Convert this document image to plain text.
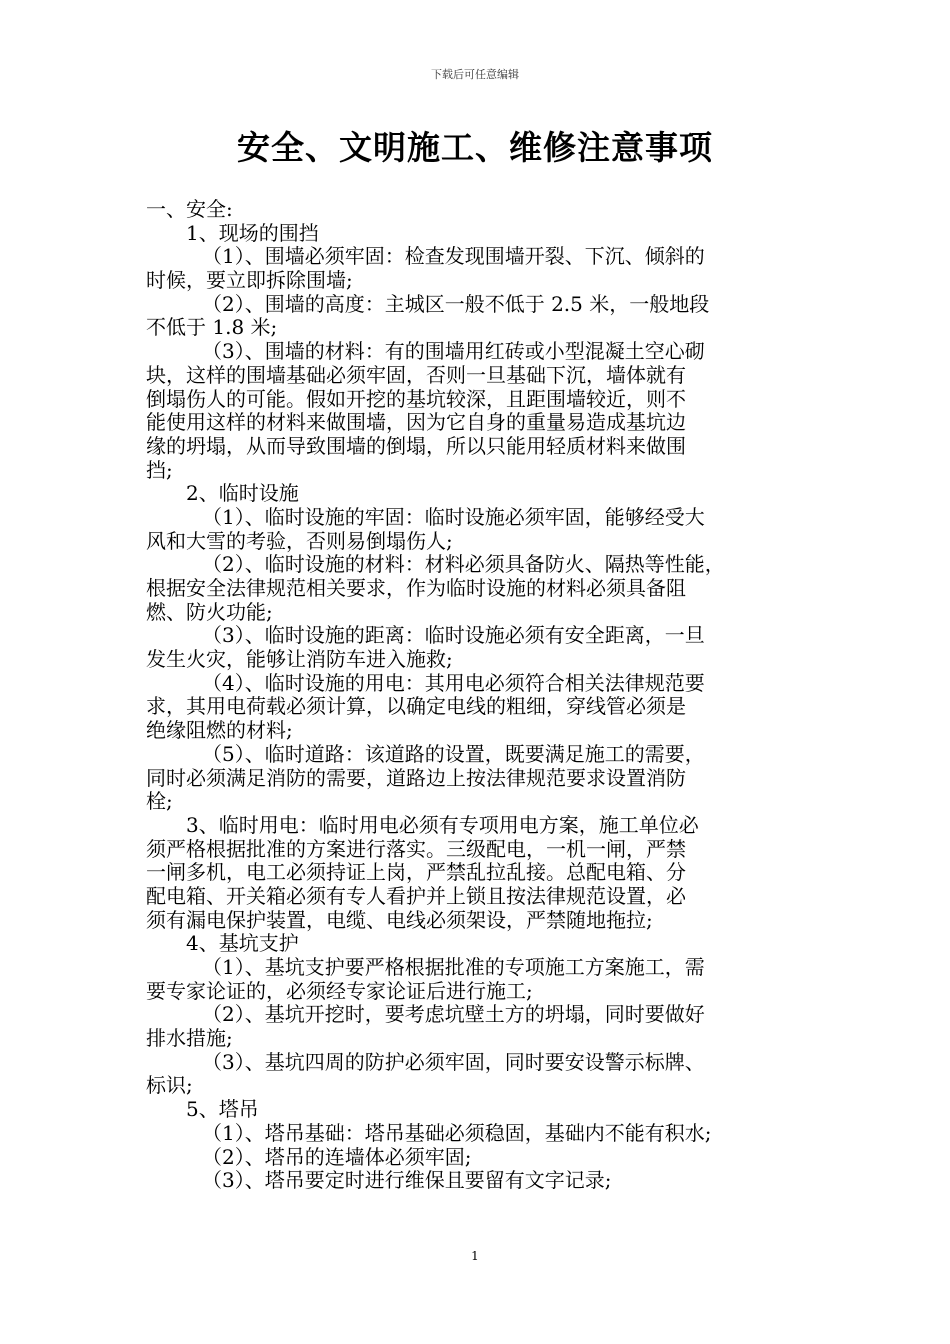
下载后可任意编辑
安全、文明施工、维修注意事项
一、安全:
1、现场的围挡
（1）、围墙必须牢固：检查发现围墙开裂、下沉、倾斜的
时候，要立即拆除围墙;
（2）、围墙的高度：主城区一般不低于 2.5 米，一般地段
不低于 1.8 米;
（3）、围墙的材料：有的围墙用红砖或小型混凝土空心砌
块，这样的围墙基础必须牢固，否则一旦基础下沉，墙体就有
倒塌伤人的可能。假如开挖的基坑较深，且距围墙较近，则不
能使用这样的材料来做围墙，因为它自身的重量易造成基坑边
缘的坍塌，从而导致围墙的倒塌，所以只能用轻质材料来做围
挡;
2、临时设施
（1）、临时设施的牢固：临时设施必须牢固，能够经受大
风和大雪的考验，否则易倒塌伤人;
（2）、临时设施的材料：材料必须具备防火、隔热等性能，
根据安全法律规范相关要求，作为临时设施的材料必须具备阻
燃、防火功能;
（3）、临时设施的距离：临时设施必须有安全距离，一旦
发生火灾，能够让消防车进入施救;
（4）、临时设施的用电：其用电必须符合相关法律规范要
求，其用电荷载必须计算，以确定电线的粗细，穿线管必须是
绝缘阻燃的材料;
（5）、临时道路：该道路的设置，既要满足施工的需要，
同时必须满足消防的需要，道路边上按法律规范要求设置消防
栓;
3、临时用电：临时用电必须有专项用电方案，施工单位必
须严格根据批准的方案进行落实。三级配电，一机一闸，严禁
一闸多机，电工必须持证上岗，严禁乱拉乱接。总配电箱、分
配电箱、开关箱必须有专人看护并上锁且按法律规范设置，必
须有漏电保护装置，电缆、电线必须架设，严禁随地拖拉;
4、基坑支护
（1）、基坑支护要严格根据批准的专项施工方案施工，需
要专家论证的，必须经专家论证后进行施工;
（2）、基坑开挖时，要考虑坑壁土方的坍塌，同时要做好
排水措施;
（3）、基坑四周的防护必须牢固，同时要安设警示标牌、
标识;
5、塔吊
（1）、塔吊基础：塔吊基础必须稳固，基础内不能有积水;
（2）、塔吊的连墙体必须牢固;
（3）、塔吊要定时进行维保且要留有文字记录;
1
